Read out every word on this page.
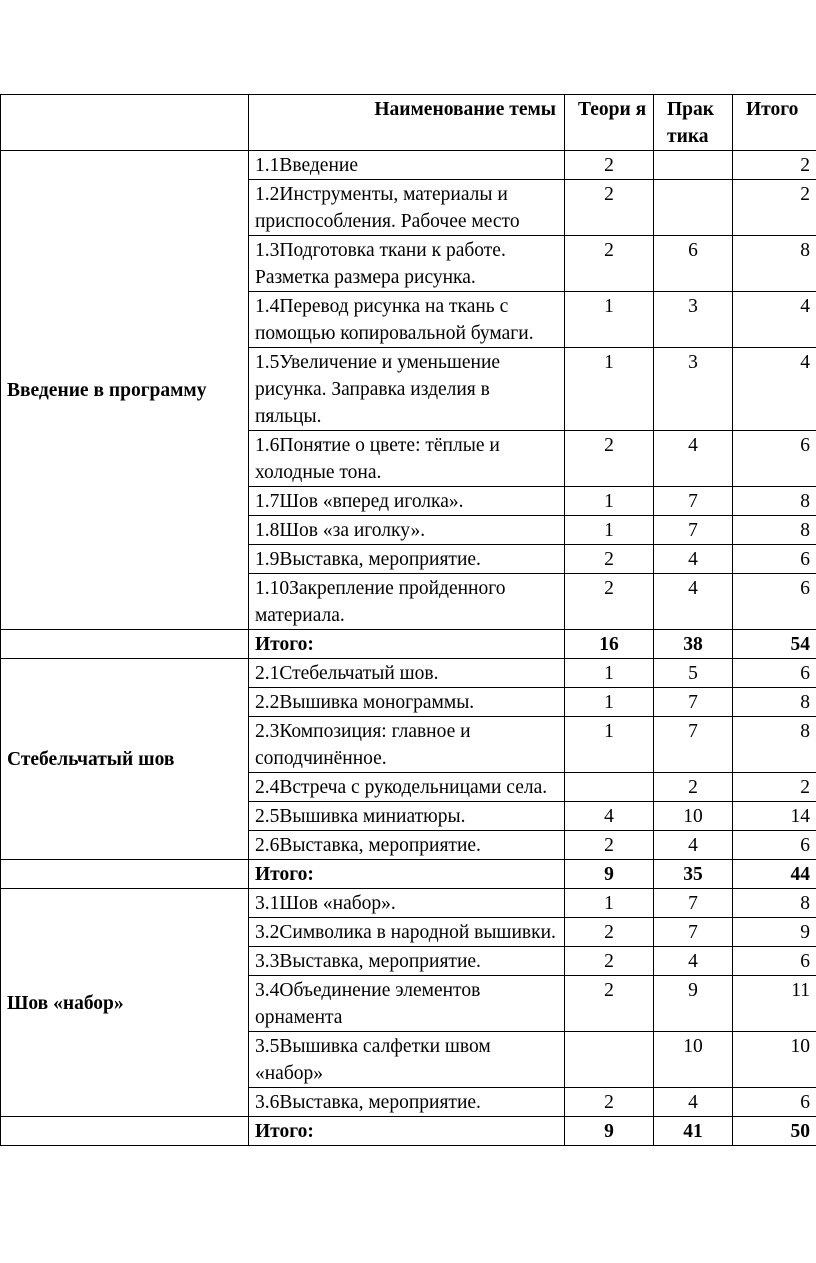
	Наименование темы	Теори я	Прак тика	Итого
Введение в программу	1.1Введение	2		2
	1.2Инструменты, материалы и приспособления. Рабочее место	2		2
	1.3Подготовка ткани к работе. Разметка размера рисунка.	2	6	8
	1.4Перевод рисунка на ткань с помощью копировальной бумаги.	1	3	4
	1.5Увеличение и уменьшение рисунка. Заправка изделия в пяльцы.	1	3	4
	1.6Понятие о цвете: тёплые и холодные тона.	2	4	6
	1.7Шов «вперед иголка».	1	7	8
	1.8Шов «за иголку».	1	7	8
	1.9Выставка, мероприятие.	2	4	6
	1.10Закрепление пройденного материала.	2	4	6
	Итого:	16	38	54
Стебельчатый шов	2.1Стебельчатый шов.	1	5	6
	2.2Вышивка монограммы.	1	7	8
	2.3Композиция: главное и соподчинённое.	1	7	8
	2.4Встреча с рукодельницами села.		2	2
	2.5Вышивка миниатюры.	4	10	14
	2.6Выставка, мероприятие.	2	4	6
	Итого:	9	35	44
Шов «набор»	3.1Шов «набор».	1	7	8
	3.2Символика в народной вышивки.	2	7	9
	3.3Выставка, мероприятие.	2	4	6
	3.4Объединение элементов орнамента	2	9	11
	3.5Вышивка салфетки швом «набор»		10	10
	3.6Выставка, мероприятие.	2	4	6
	Итого:	9	41	50
